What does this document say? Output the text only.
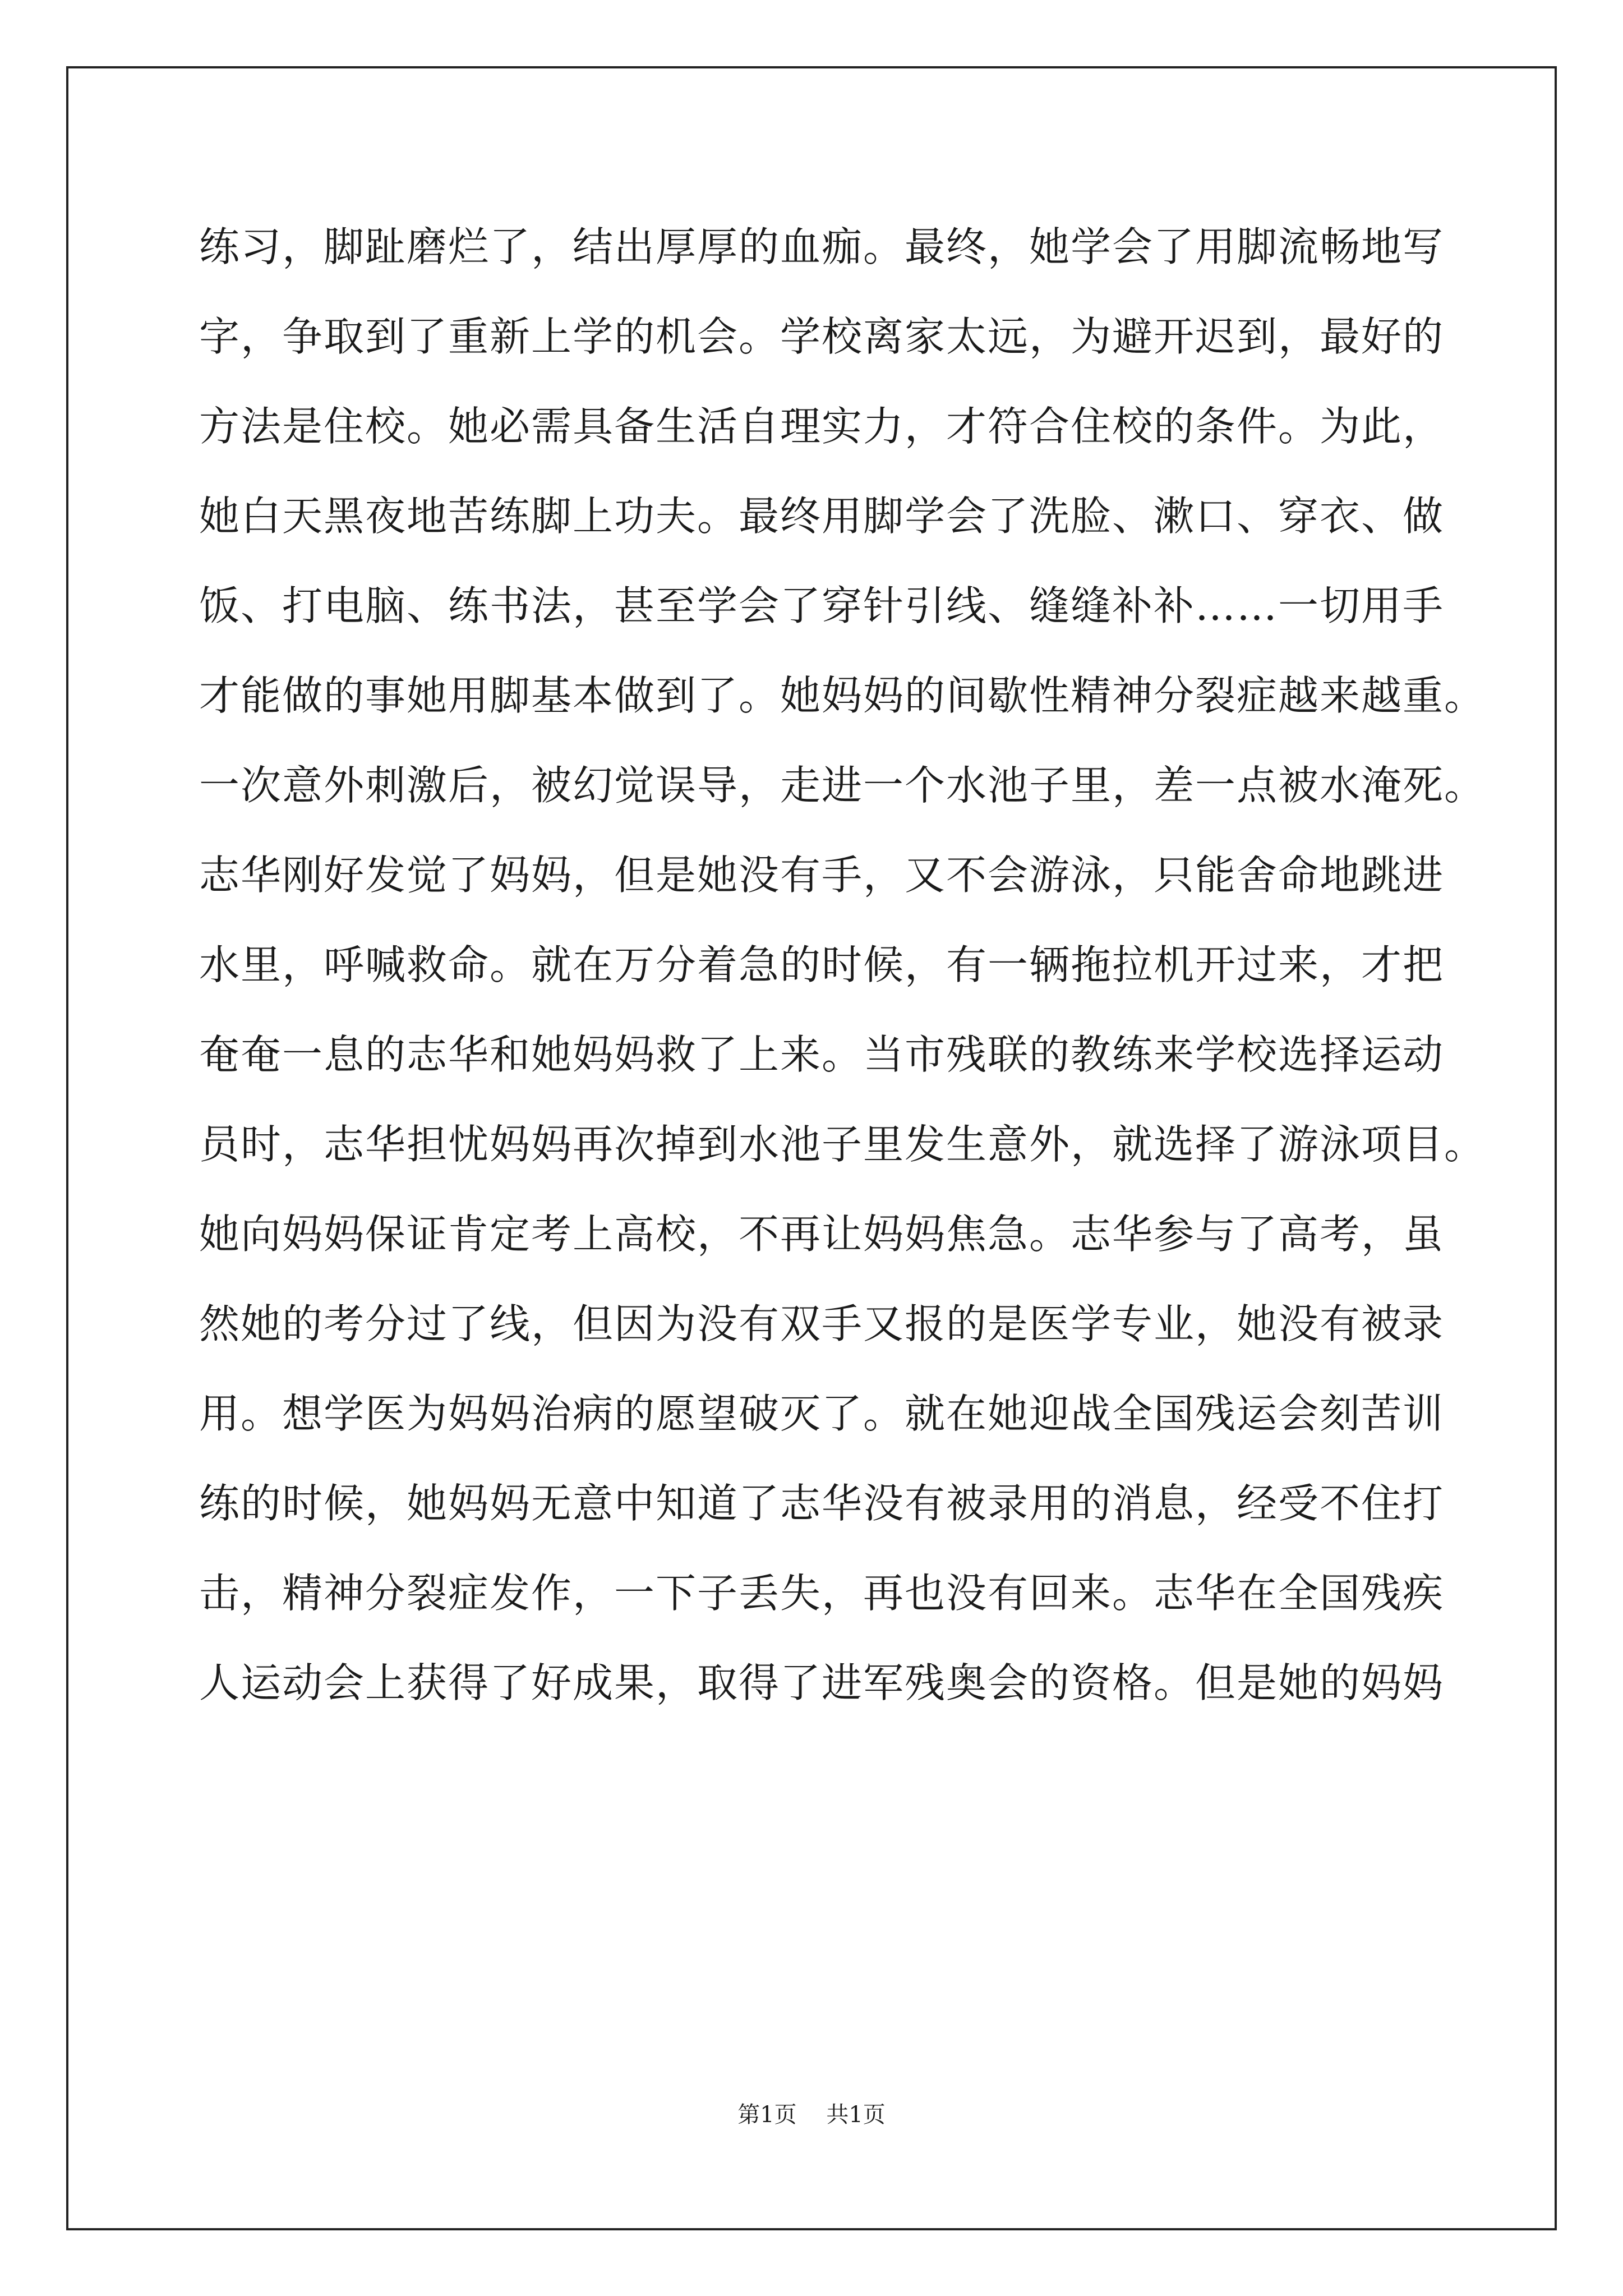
练习，脚趾磨烂了，结出厚厚的血痂。最终，她学会了用脚流畅地写
字，争取到了重新上学的机会。学校离家太远，为避开迟到，最好的
方法是住校。她必需具备生活自理实力，才符合住校的条件。为此，
她白天黑夜地苦练脚上功夫。最终用脚学会了洗脸、漱口、穿衣、做
饭、打电脑、练书法，甚至学会了穿针引线、缝缝补补……一切用手
才能做的事她用脚基本做到了。她妈妈的间歇性精神分裂症越来越重。
一次意外刺激后，被幻觉误导，走进一个水池子里，差一点被水淹死。
志华刚好发觉了妈妈，但是她没有手，又不会游泳，只能舍命地跳进
水里，呼喊救命。就在万分着急的时候，有一辆拖拉机开过来，才把
奄奄一息的志华和她妈妈救了上来。当市残联的教练来学校选择运动
员时，志华担忧妈妈再次掉到水池子里发生意外，就选择了游泳项目。
她向妈妈保证肯定考上高校，不再让妈妈焦急。志华参与了高考，虽
然她的考分过了线，但因为没有双手又报的是医学专业，她没有被录
用。想学医为妈妈治病的愿望破灭了。就在她迎战全国残运会刻苦训
练的时候，她妈妈无意中知道了志华没有被录用的消息，经受不住打
击，精神分裂症发作，一下子丢失，再也没有回来。志华在全国残疾
人运动会上获得了好成果，取得了进军残奥会的资格。但是她的妈妈
第1页 共1页
